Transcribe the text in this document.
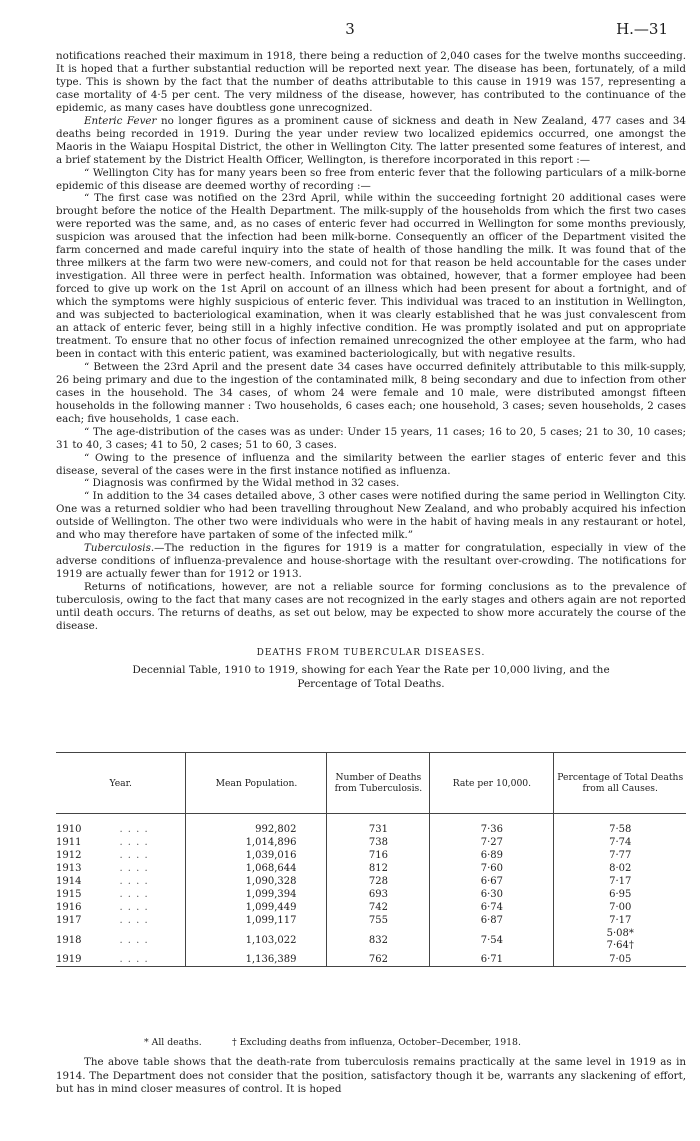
3	H.—31

notifications reached their maximum in 1918, there being a reduction of 2,040 cases for the twelve months succeeding. It is hoped that a further substantial reduction will be reported next year. The disease has been, fortunately, of a mild type. This is shown by the fact that the number of deaths attributable to this cause in 1919 was 157, representing a case mortality of 4·5 per cent. The very mildness of the disease, however, has contributed to the continuance of the epidemic, as many cases have doubtless gone unrecognized.

Enteric Fever no longer figures as a prominent cause of sickness and death in New Zealand, 477 cases and 34 deaths being recorded in 1919. During the year under review two localized epidemics occurred, one amongst the Maoris in the Waiapu Hospital District, the other in Wellington City. The latter presented some features of interest, and a brief statement by the District Health Officer, Wellington, is therefore incorporated in this report :—

“ Wellington City has for many years been so free from enteric fever that the following particulars of a milk-borne epidemic of this disease are deemed worthy of recording :—

“ The first case was notified on the 23rd April, while within the succeeding fortnight 20 additional cases were brought before the notice of the Health Department. The milk-supply of the households from which the first two cases were reported was the same, and, as no cases of enteric fever had occurred in Wellington for some months previously, suspicion was aroused that the infection had been milk-borne. Consequently an officer of the Department visited the farm concerned and made careful inquiry into the state of health of those handling the milk. It was found that of the three milkers at the farm two were new-comers, and could not for that reason be held accountable for the cases under investigation. All three were in perfect health. Information was obtained, however, that a former employee had been forced to give up work on the 1st April on account of an illness which had been present for about a fortnight, and of which the symptoms were highly suspicious of enteric fever. This individual was traced to an institution in Wellington, and was subjected to bacteriological examination, when it was clearly established that he was just convalescent from an attack of enteric fever, being still in a highly infective condition. He was promptly isolated and put on appropriate treatment. To ensure that no other focus of infection remained unrecognized the other employee at the farm, who had been in contact with this enteric patient, was examined bacteriologically, but with negative results.

“ Between the 23rd April and the present date 34 cases have occurred definitely attributable to this milk-supply, 26 being primary and due to the ingestion of the contaminated milk, 8 being secondary and due to infection from other cases in the household. The 34 cases, of whom 24 were female and 10 male, were distributed amongst fifteen households in the following manner : Two households, 6 cases each; one household, 3 cases; seven households, 2 cases each; five households, 1 case each.

“ The age-distribution of the cases was as under: Under 15 years, 11 cases; 16 to 20, 5 cases; 21 to 30, 10 cases; 31 to 40, 3 cases; 41 to 50, 2 cases; 51 to 60, 3 cases.

“ Owing to the presence of influenza and the similarity between the earlier stages of enteric fever and this disease, several of the cases were in the first instance notified as influenza.

“ Diagnosis was confirmed by the Widal method in 32 cases.

“ In addition to the 34 cases detailed above, 3 other cases were notified during the same period in Wellington City. One was a returned soldier who had been travelling throughout New Zealand, and who probably acquired his infection outside of Wellington. The other two were individuals who were in the habit of having meals in any restaurant or hotel, and who may therefore have partaken of some of the infected milk.”

Tuberculosis.—The reduction in the figures for 1919 is a matter for congratulation, especially in view of the adverse conditions of influenza-prevalence and house-shortage with the resultant over-crowding. The notifications for 1919 are actually fewer than for 1912 or 1913.

Returns of notifications, however, are not a reliable source for forming conclusions as to the prevalence of tuberculosis, owing to the fact that many cases are not recognized in the early stages and others again are not reported until death occurs. The returns of deaths, as set out below, may be expected to show more accurately the course of the disease.

DEATHS FROM TUBERCULAR DISEASES.
Decennial Table, 1910 to 1919, showing for each Year the Rate per 10,000 living, and the
Percentage of Total Deaths.
Year.	Mean Population.	Number of Deaths from Tuberculosis.	Rate per 10,000.	Percentage of Total Deaths from all Causes.

1910 . . . .	992,802	731	7·36	7·58
1911 . . . .	1,014,896	738	7·27	7·74
1912 . . . .	1,039,016	716	6·89	7·77
1913 . . . .	1,068,644	812	7·60	8·02
1914 . . . .	1,090,328	728	6·67	7·17
1915 . . . .	1,099,394	693	6·30	6·95
1916 . . . .	1,099,449	742	6·74	7·00
1917 . . . .	1,099,117	755	6·87	7·17
1918 . . . .	1,103,022	832	7·54	5·08*
7·64†

1919 . . . .	1,136,389	762	6·71	7·05
* All deaths.	† Excluding deaths from influenza, October–December, 1918.

The above table shows that the death-rate from tuberculosis remains practically at the same level in 1919 as in 1914. The Department does not consider that the position, satisfactory though it be, warrants any slackening of effort, but has in mind closer measures of control. It is hoped
